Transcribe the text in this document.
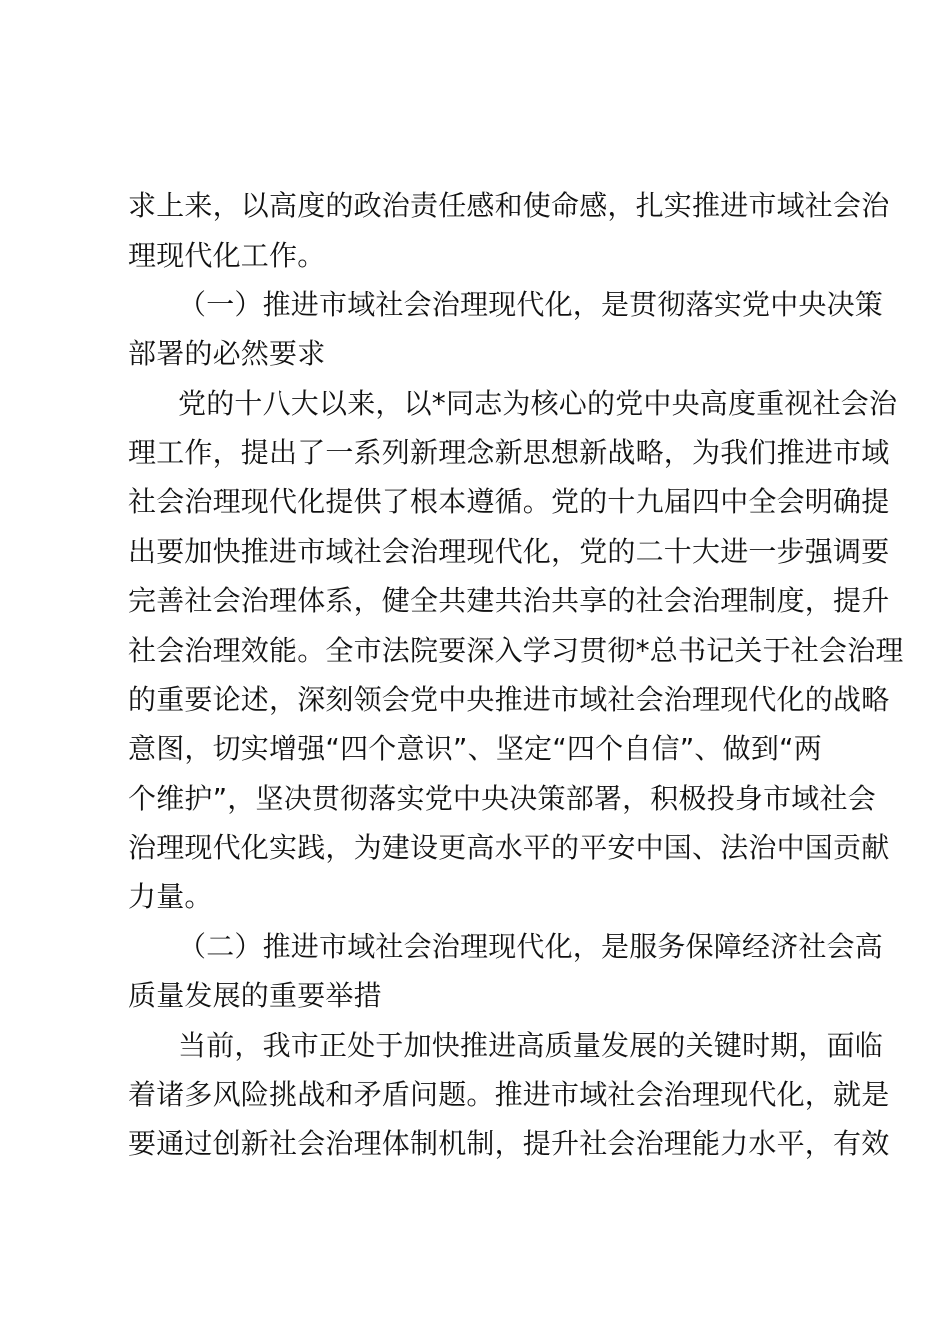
求上来，以高度的政治责任感和使命感，扎实推进市域社会治
理现代化工作。
（一）推进市域社会治理现代化，是贯彻落实党中央决策
部署的必然要求
党的十八大以来，以*同志为核心的党中央高度重视社会治
理工作，提出了一系列新理念新思想新战略，为我们推进市域
社会治理现代化提供了根本遵循。党的十九届四中全会明确提
出要加快推进市域社会治理现代化，党的二十大进一步强调要
完善社会治理体系，健全共建共治共享的社会治理制度，提升
社会治理效能。全市法院要深入学习贯彻*总书记关于社会治理
的重要论述，深刻领会党中央推进市域社会治理现代化的战略
意图，切实增强“四个意识”、坚定“四个自信”、做到“两
个维护”，坚决贯彻落实党中央决策部署，积极投身市域社会
治理现代化实践，为建设更高水平的平安中国、法治中国贡献
力量。
（二）推进市域社会治理现代化，是服务保障经济社会高
质量发展的重要举措
当前，我市正处于加快推进高质量发展的关键时期，面临
着诸多风险挑战和矛盾问题。推进市域社会治理现代化，就是
要通过创新社会治理体制机制，提升社会治理能力水平，有效
